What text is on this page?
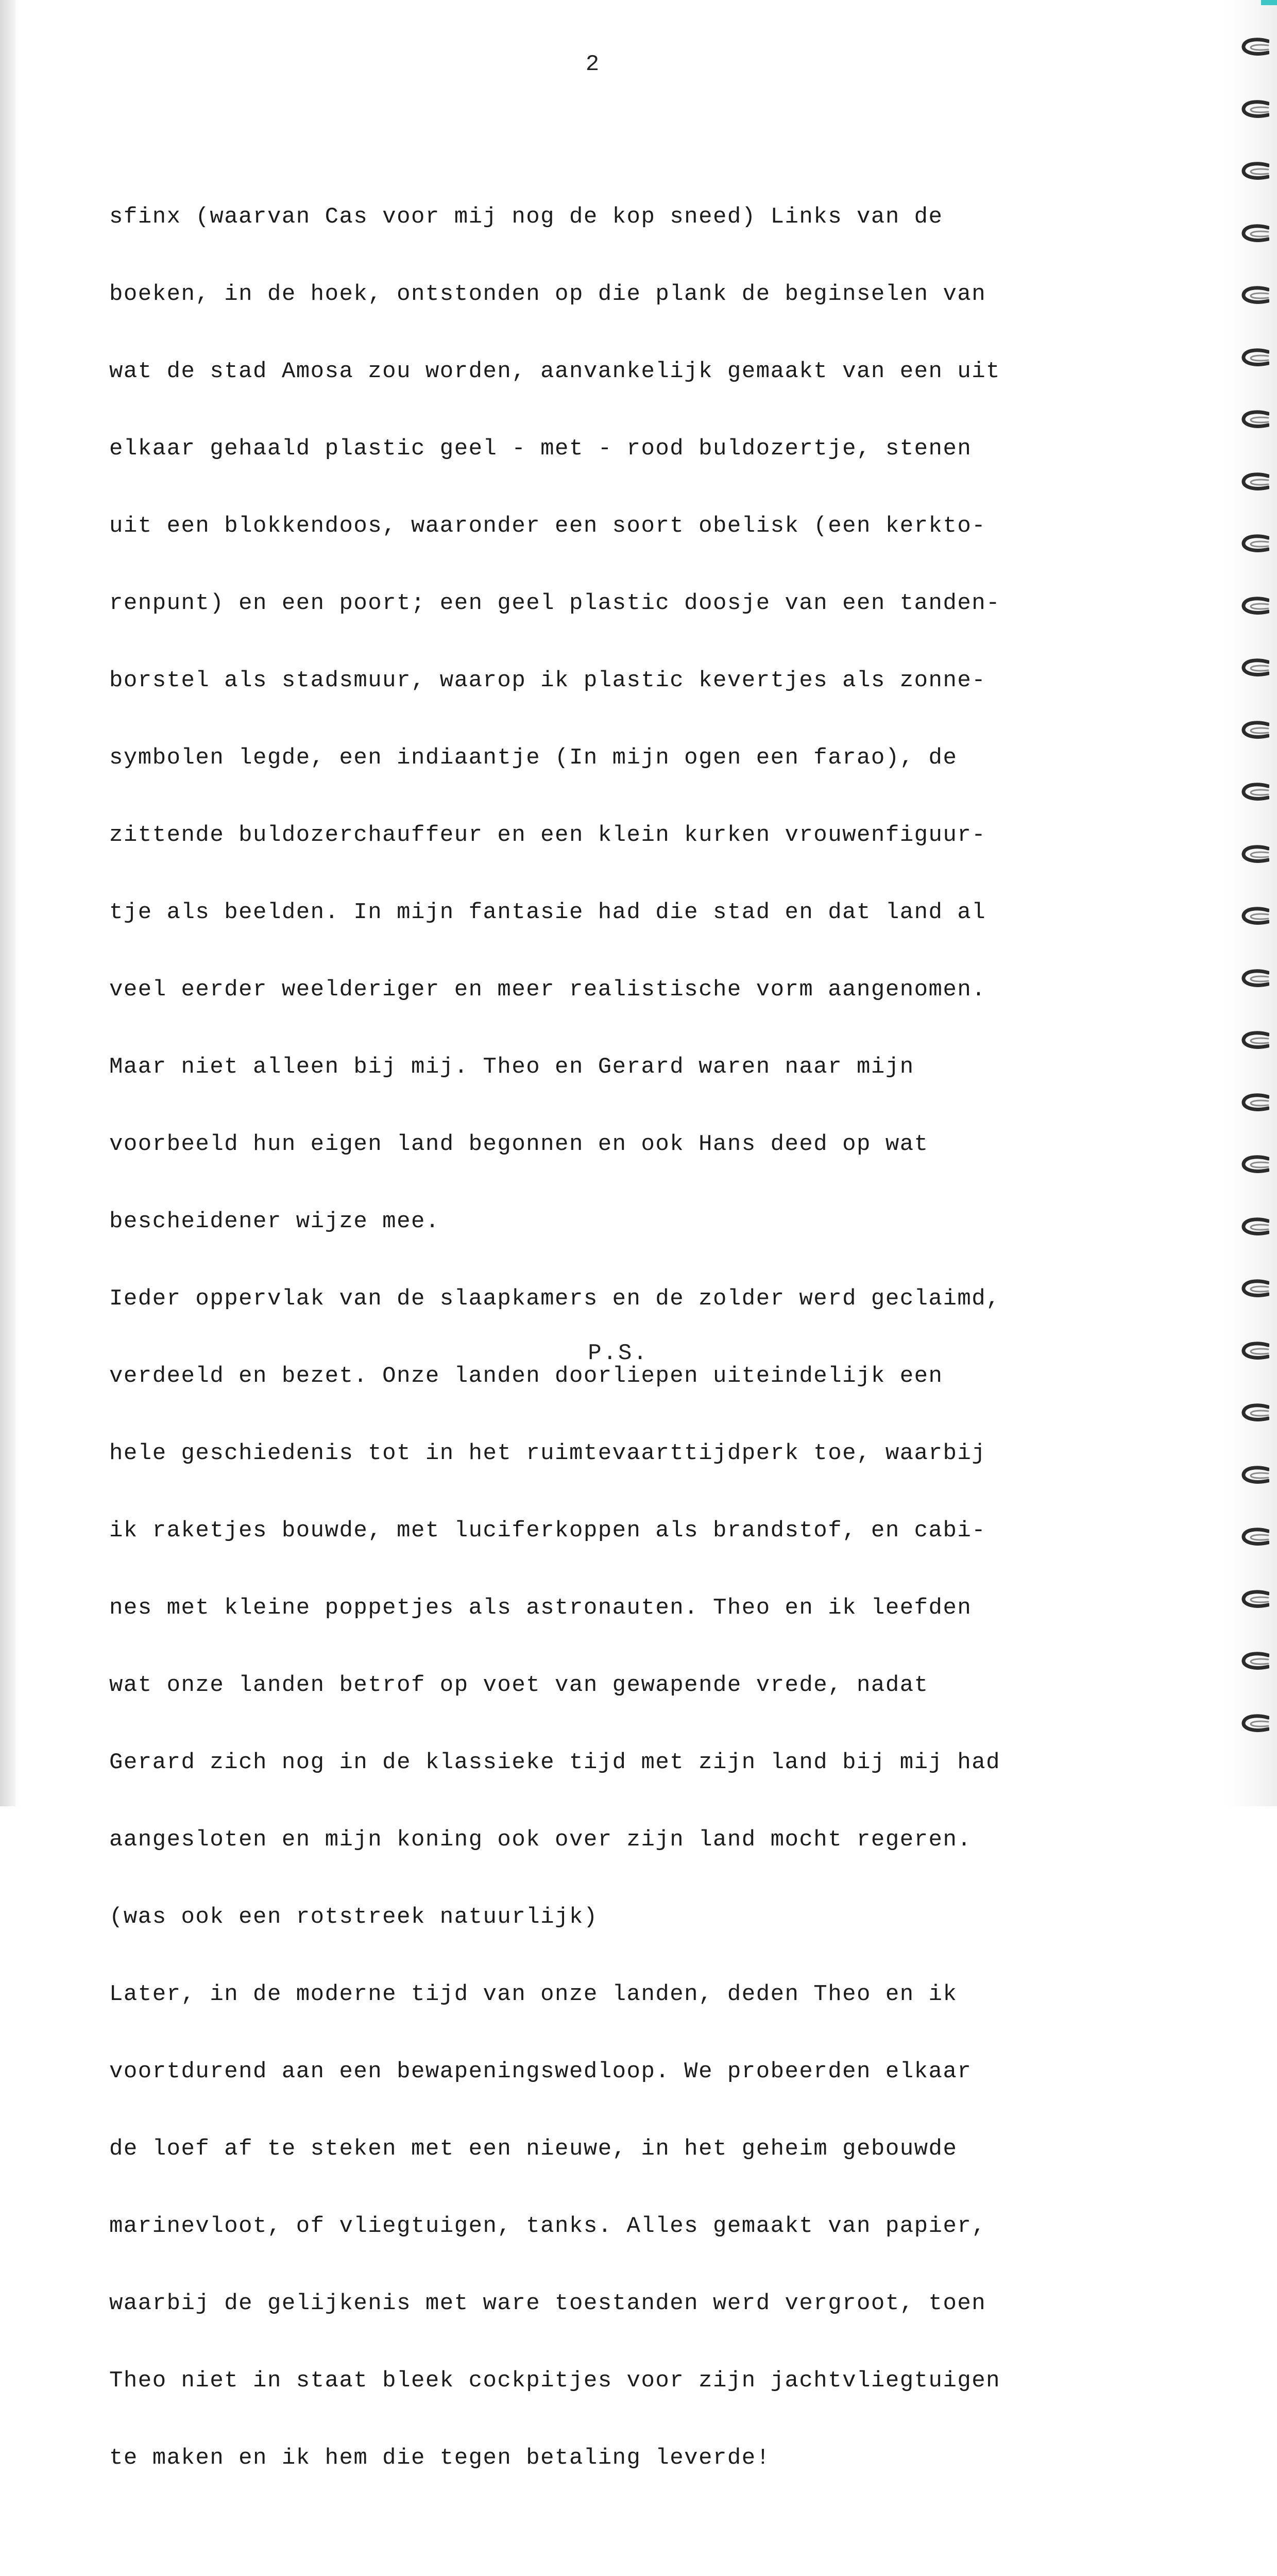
2

sfinx (waarvan Cas voor mij nog de kop sneed) Links van de

boeken, in de hoek, ontstonden op die plank de beginselen van

wat de stad Amosa zou worden, aanvankelijk gemaakt van een uit

elkaar gehaald plastic geel - met - rood buldozertje, stenen

uit een blokkendoos, waaronder een soort obelisk (een kerkto-

renpunt) en een poort; een geel plastic doosje van een tanden-

borstel als stadsmuur, waarop ik plastic kevertjes als zonne-

symbolen legde, een indiaantje (In mijn ogen een farao), de

zittende buldozerchauffeur en een klein kurken vrouwenfiguur-

tje als beelden. In mijn fantasie had die stad en dat land al

veel eerder weelderiger en meer realistische vorm aangenomen.

Maar niet alleen bij mij. Theo en Gerard waren naar mijn

voorbeeld hun eigen land begonnen en ook Hans deed op wat

bescheidener wijze mee.

Ieder oppervlak van de slaapkamers en de zolder werd geclaimd,

verdeeld en bezet. Onze landen doorliepen uiteindelijk een

hele geschiedenis tot in het ruimtevaarttijdperk toe, waarbij

ik raketjes bouwde, met luciferkoppen als brandstof, en cabi-

nes met kleine poppetjes als astronauten. Theo en ik leefden

wat onze landen betrof op voet van gewapende vrede, nadat

Gerard zich nog in de klassieke tijd met zijn land bij mij had

aangesloten en mijn koning ook over zijn land mocht regeren.

(was ook een rotstreek natuurlijk)

Later, in de moderne tijd van onze landen, deden Theo en ik

voortdurend aan een bewapeningswedloop. We probeerden elkaar

de loef af te steken met een nieuwe, in het geheim gebouwde

marinevloot, of vliegtuigen, tanks. Alles gemaakt van papier,

waarbij de gelijkenis met ware toestanden werd vergroot, toen

Theo niet in staat bleek cockpitjes voor zijn jachtvliegtuigen

te maken en ik hem die tegen betaling leverde!

P.S.
